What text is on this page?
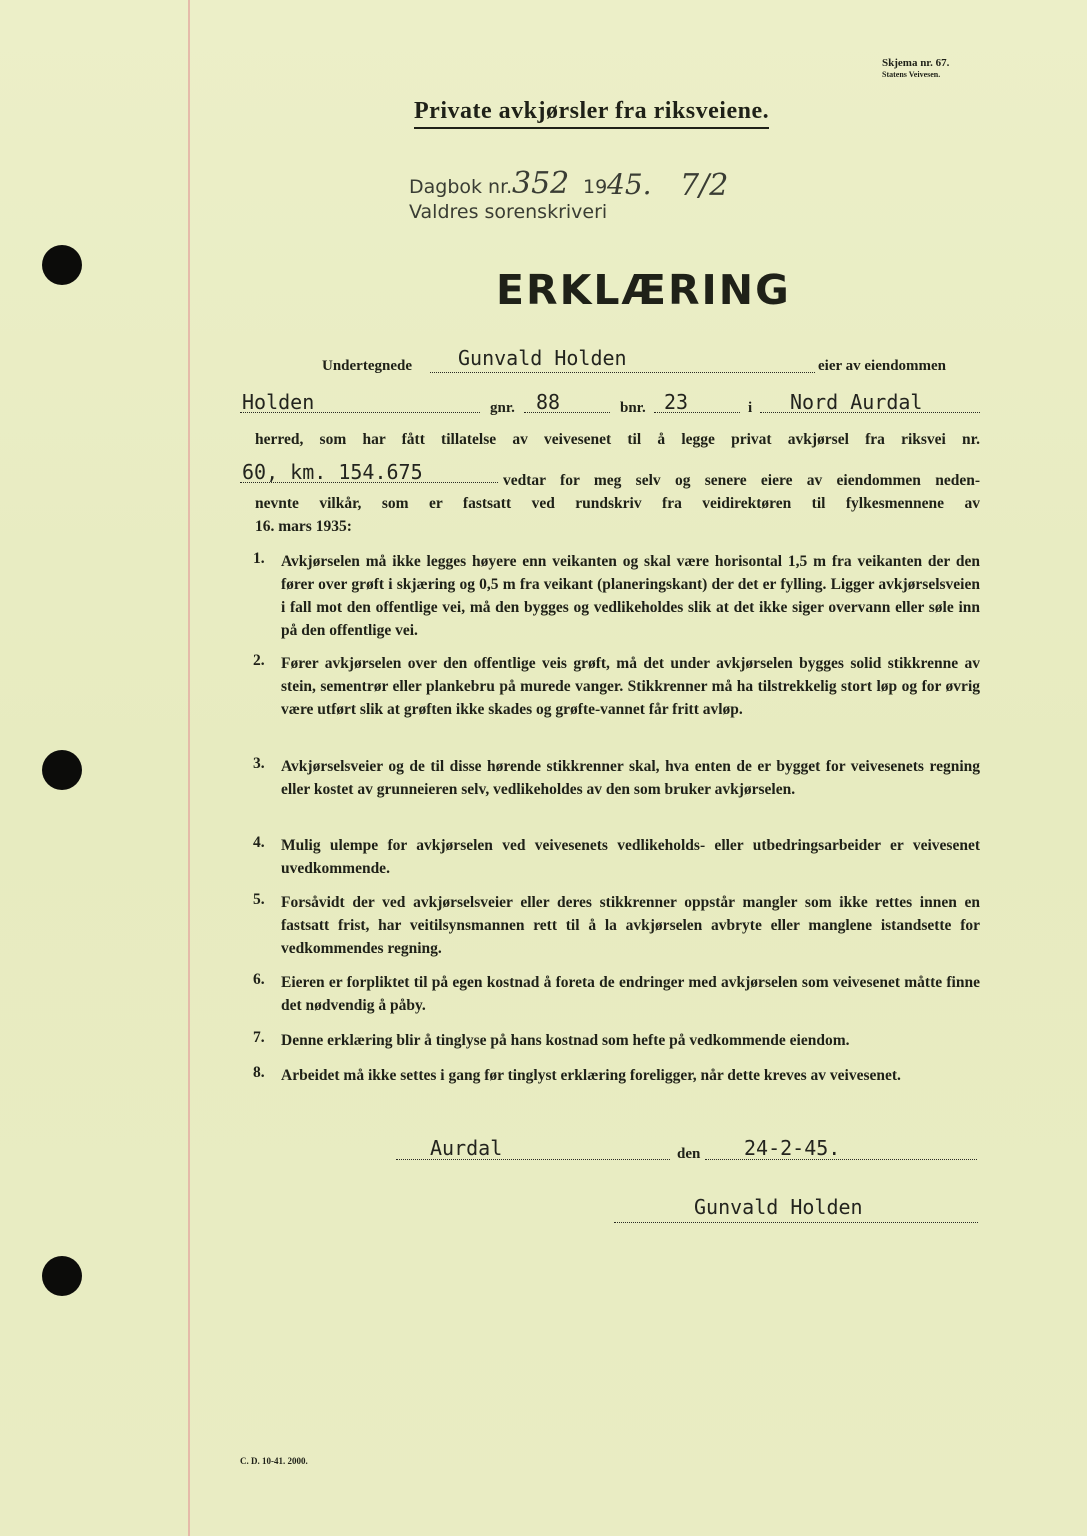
Skjema nr. 67.
Statens Veivesen.
Private avkjørsler fra riksveiene.
Dagbok nr. 352 19 45. 7/2
Valdres sorenskriveri
ERKLÆRING
Undertegnede Gunvald Holden	eier av eiendommen
Holden	gnr. 88	bnr. 23	i Nord Aurdal
herred, som har fått tillatelse av veivesenet til å legge privat avkjørsel fra riksvei nr.
60, km. 154.675	vedtar for meg selv og senere eiere av eiendommen neden-
nevnte vilkår, som er fastsatt ved rundskriv fra veidirektøren til fylkesmennene av
16. mars 1935:
1. Avkjørselen må ikke legges høyere enn veikanten og skal være horisontal 1,5 m fra veikanten der den fører over grøft i skjæring og 0,5 m fra veikant (planeringskant) der det er fylling. Ligger avkjørselsveien i fall mot den offentlige vei, må den bygges og vedlikeholdes slik at det ikke siger overvann eller søle inn på den offentlige vei.
2. Fører avkjørselen over den offentlige veis grøft, må det under avkjørselen bygges solid stikkrenne av stein, sementrør eller plankebru på murede vanger. Stikkrenner må ha tilstrekkelig stort løp og for øvrig være utført slik at grøften ikke skades og grøfte-vannet får fritt avløp.
3. Avkjørselsveier og de til disse hørende stikkrenner skal, hva enten de er bygget for veivesenets regning eller kostet av grunneieren selv, vedlikeholdes av den som bruker avkjørselen.
4. Mulig ulempe for avkjørselen ved veivesenets vedlikeholds- eller utbedringsarbeider er veivesenet uvedkommende.
5. Forsåvidt der ved avkjørselsveier eller deres stikkrenner oppstår mangler som ikke rettes innen en fastsatt frist, har veitilsynsmannen rett til å la avkjørselen avbryte eller manglene istandsette for vedkommendes regning.
6. Eieren er forpliktet til på egen kostnad å foreta de endringer med avkjørselen som veivesenet måtte finne det nødvendig å påby.
7. Denne erklæring blir å tinglyse på hans kostnad som hefte på vedkommende eiendom.
8. Arbeidet må ikke settes i gang før tinglyst erklæring foreligger, når dette kreves av veivesenet.
Aurdal	den 24-2-45.
Gunvald Holden
C. D. 10-41. 2000.
